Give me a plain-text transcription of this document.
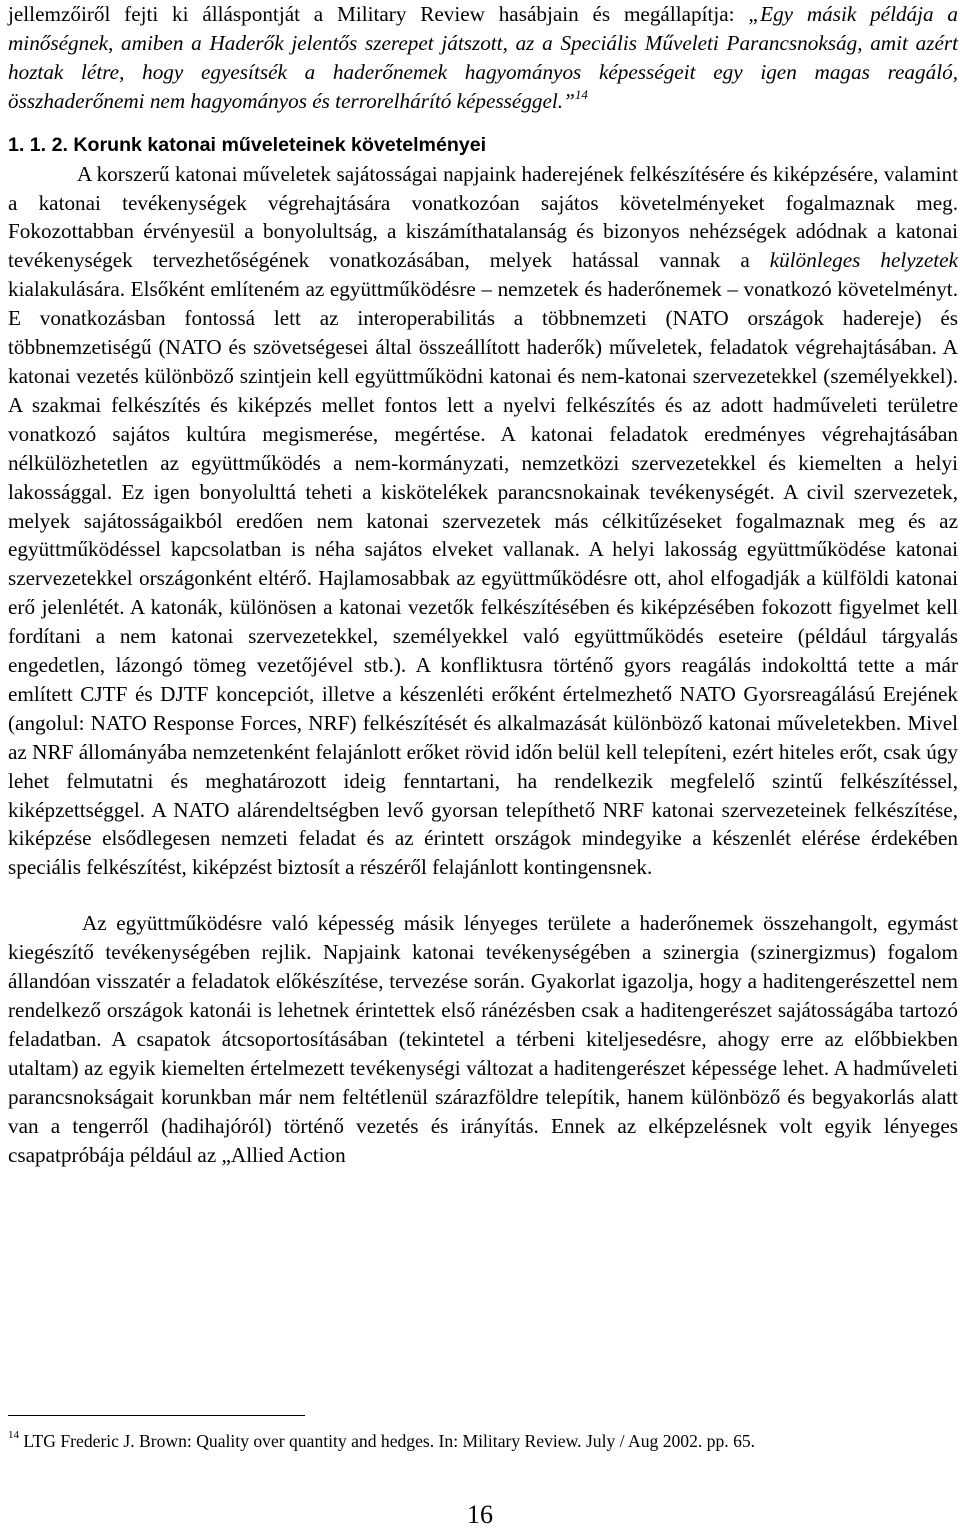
jellemzőiről fejti ki álláspontját a Military Review hasábjain és megállapítja: „Egy másik példája a minőségnek, amiben a Haderők jelentős szerepet játszott, az a Speciális Műveleti Parancsnokság, amit azért hoztak létre, hogy egyesítsék a haderőnemek hagyományos képességeit egy igen magas reagáló, összhaderőnemi nem hagyományos és terrorelhárító képességgel.”$^{14}$

1. 1. 2. Korunk katonai műveleteinek követelményei

A korszerű katonai műveletek sajátosságai napjaink haderejének felkészítésére és kiképzésére, valamint a katonai tevékenységek végrehajtására vonatkozóan sajátos követelményeket fogalmaznak meg. Fokozottabban érvényesül a bonyolultság, a kiszámíthatalanság és bizonyos nehézségek adódnak a katonai tevékenységek tervezhetőségének vonatkozásában, melyek hatással vannak a különleges helyzetek kialakulására. Elsőként említeném az együttműködésre – nemzetek és haderőnemek – vonatkozó követelményt. E vonatkozásban fontossá lett az interoperabilitás a többnemzeti (NATO országok hadereje) és többnemzetiségű (NATO és szövetségesei által összeállított haderők) műveletek, feladatok végrehajtásában. A katonai vezetés különböző szintjein kell együttműködni katonai és nem-katonai szervezetekkel (személyekkel). A szakmai felkészítés és kiképzés mellet fontos lett a nyelvi felkészítés és az adott hadműveleti területre vonatkozó sajátos kultúra megismerése, megértése. A katonai feladatok eredményes végrehajtásában nélkülözhetetlen az együttműködés a nem-kormányzati, nemzetközi szervezetekkel és kiemelten a helyi lakossággal. Ez igen bonyolulttá teheti a kiskötelékek parancsnokainak tevékenységét. A civil szervezetek, melyek sajátosságaikból eredően nem katonai szervezetek más célkitűzéseket fogalmaznak meg és az együttműködéssel kapcsolatban is néha sajátos elveket vallanak. A helyi lakosság együttműködése katonai szervezetekkel országonként eltérő. Hajlamosabbak az együttműködésre ott, ahol elfogadják a külföldi katonai erő jelenlétét. A katonák, különösen a katonai vezetők felkészítésében és kiképzésében fokozott figyelmet kell fordítani a nem katonai szervezetekkel, személyekkel való együttműködés eseteire (például tárgyalás engedetlen, lázongó tömeg vezetőjével stb.). A konfliktusra történő gyors reagálás indokolttá tette a már említett CJTF és DJTF koncepciót, illetve a készenléti erőként értelmezhető NATO Gyorsreagálású Erejének (angolul: NATO Response Forces, NRF) felkészítését és alkalmazását különböző katonai műveletekben. Mivel az NRF állományába nemzetenként felajánlott erőket rövid időn belül kell telepíteni, ezért hiteles erőt, csak úgy lehet felmutatni és meghatározott ideig fenntartani, ha rendelkezik megfelelő szintű felkészítéssel, kiképzettséggel. A NATO alárendeltségben levő gyorsan telepíthető NRF katonai szervezeteinek felkészítése, kiképzése elsődlegesen nemzeti feladat és az érintett országok mindegyike a készenlét elérése érdekében speciális felkészítést, kiképzést biztosít a részéről felajánlott kontingensnek.

Az együttműködésre való képesség másik lényeges területe a haderőnemek összehangolt, egymást kiegészítő tevékenységében rejlik. Napjaink katonai tevékenységében a szinergia (szinergizmus) fogalom állandóan visszatér a feladatok előkészítése, tervezése során. Gyakorlat igazolja, hogy a haditengerészettel nem rendelkező országok katonái is lehetnek érintettek első ránézésben csak a haditengerészet sajátosságába tartozó feladatban. A csapatok átcsoportosításában (tekintetel a térbeni kiteljesedésre, ahogy erre az előbbiekben utaltam) az egyik kiemelten értelmezett tevékenységi változat a haditengerészet képessége lehet. A hadműveleti parancsnokságait korunkban már nem feltétlenül szárazföldre telepítik, hanem különböző és begyakorlás alatt van a tengerről (hadihajóról) történő vezetés és irányítás. Ennek az elképzelésnek volt egyik lényeges csapatpróbája például az „Allied Action

$^{14}$ LTG Frederic J. Brown: Quality over quantity and hedges. In: Military Review. July / Aug 2002. pp. 65.
16
